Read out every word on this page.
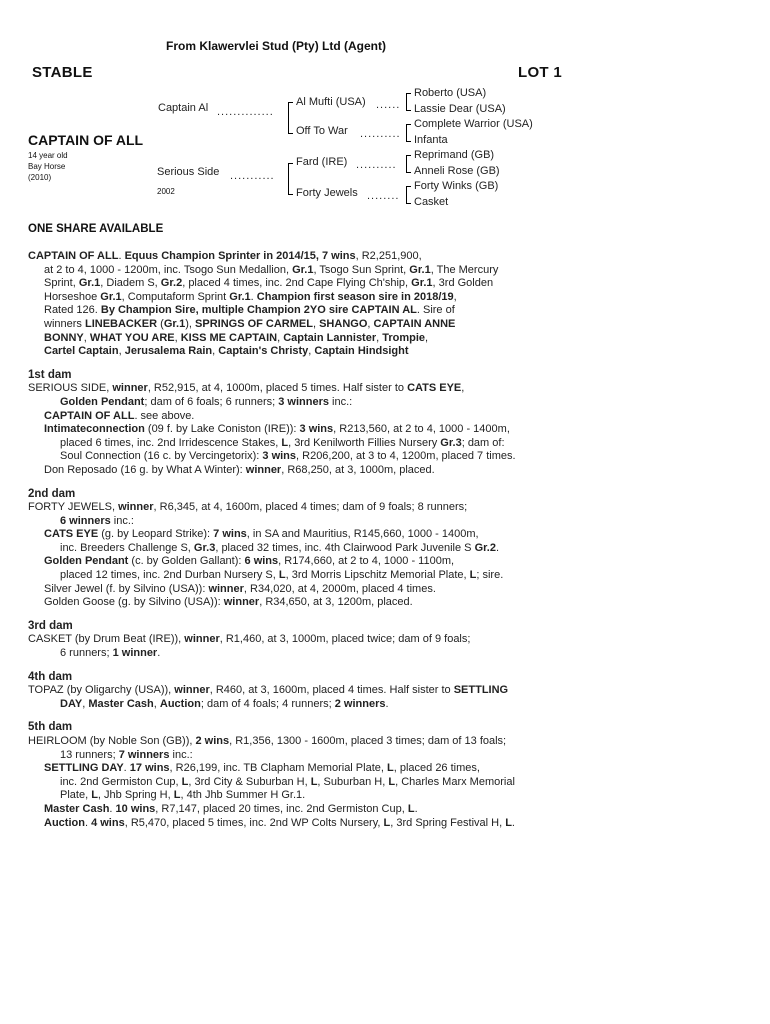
From Klawervlei Stud (Pty) Ltd (Agent)
STABLE	LOT 1
CAPTAIN OF ALL
14 year old
Bay Horse
(2010)
Captain Al ..............
Serious Side ...........
2002
Al Mufti (USA) ......
Off To War ..........
Fard (IRE) ..........
Forty Jewels ........
Roberto (USA)
Lassie Dear (USA)
Complete Warrior (USA)
Infanta
Reprimand (GB)
Anneli Rose (GB)
Forty Winks (GB)
Casket
ONE SHARE AVAILABLE

CAPTAIN OF ALL. Equus Champion Sprinter in 2014/15, 7 wins, R2,251,900,

at 2 to 4, 1000 - 1200m, inc. Tsogo Sun Medallion, Gr.1, Tsogo Sun Sprint, Gr.1, The Mercury

Sprint, Gr.1, Diadem S, Gr.2, placed 4 times, inc. 2nd Cape Flying Ch'ship, Gr.1, 3rd Golden

Horseshoe Gr.1, Computaform Sprint Gr.1. Champion first season sire in 2018/19,

Rated 126. By Champion Sire, multiple Champion 2YO sire CAPTAIN AL. Sire of

winners LINEBACKER (Gr.1), SPRINGS OF CARMEL, SHANGO, CAPTAIN ANNE

BONNY, WHAT YOU ARE, KISS ME CAPTAIN, Captain Lannister, Trompie,

Cartel Captain, Jerusalema Rain, Captain's Christy, Captain Hindsight

1st dam

SERIOUS SIDE, winner, R52,915, at 4, 1000m, placed 5 times. Half sister to CATS EYE,

Golden Pendant; dam of 6 foals; 6 runners; 3 winners inc.:

CAPTAIN OF ALL. see above.

Intimateconnection (09 f. by Lake Coniston (IRE)): 3 wins, R213,560, at 2 to 4, 1000 - 1400m,

placed 6 times, inc. 2nd Irridescence Stakes, L, 3rd Kenilworth Fillies Nursery Gr.3; dam of:

Soul Connection (16 c. by Vercingetorix): 3 wins, R206,200, at 3 to 4, 1200m, placed 7 times.

Don Reposado (16 g. by What A Winter): winner, R68,250, at 3, 1000m, placed.

2nd dam

FORTY JEWELS, winner, R6,345, at 4, 1600m, placed 4 times; dam of 9 foals; 8 runners;

6 winners inc.:

CATS EYE (g. by Leopard Strike): 7 wins, in SA and Mauritius, R145,660, 1000 - 1400m,

inc. Breeders Challenge S, Gr.3, placed 32 times, inc. 4th Clairwood Park Juvenile S Gr.2.

Golden Pendant (c. by Golden Gallant): 6 wins, R174,660, at 2 to 4, 1000 - 1100m,

placed 12 times, inc. 2nd Durban Nursery S, L, 3rd Morris Lipschitz Memorial Plate, L; sire.

Silver Jewel (f. by Silvino (USA)): winner, R34,020, at 4, 2000m, placed 4 times.

Golden Goose (g. by Silvino (USA)): winner, R34,650, at 3, 1200m, placed.

3rd dam

CASKET (by Drum Beat (IRE)), winner, R1,460, at 3, 1000m, placed twice; dam of 9 foals;

6 runners; 1 winner.

4th dam

TOPAZ (by Oligarchy (USA)), winner, R460, at 3, 1600m, placed 4 times. Half sister to SETTLING

DAY, Master Cash, Auction; dam of 4 foals; 4 runners; 2 winners.

5th dam

HEIRLOOM (by Noble Son (GB)), 2 wins, R1,356, 1300 - 1600m, placed 3 times; dam of 13 foals;

13 runners; 7 winners inc.:

SETTLING DAY. 17 wins, R26,199, inc. TB Clapham Memorial Plate, L, placed 26 times,

inc. 2nd Germiston Cup, L, 3rd City & Suburban H, L, Suburban H, L, Charles Marx Memorial

Plate, L, Jhb Spring H, L, 4th Jhb Summer H Gr.1.

Master Cash. 10 wins, R7,147, placed 20 times, inc. 2nd Germiston Cup, L.

Auction. 4 wins, R5,470, placed 5 times, inc. 2nd WP Colts Nursery, L, 3rd Spring Festival H, L.
